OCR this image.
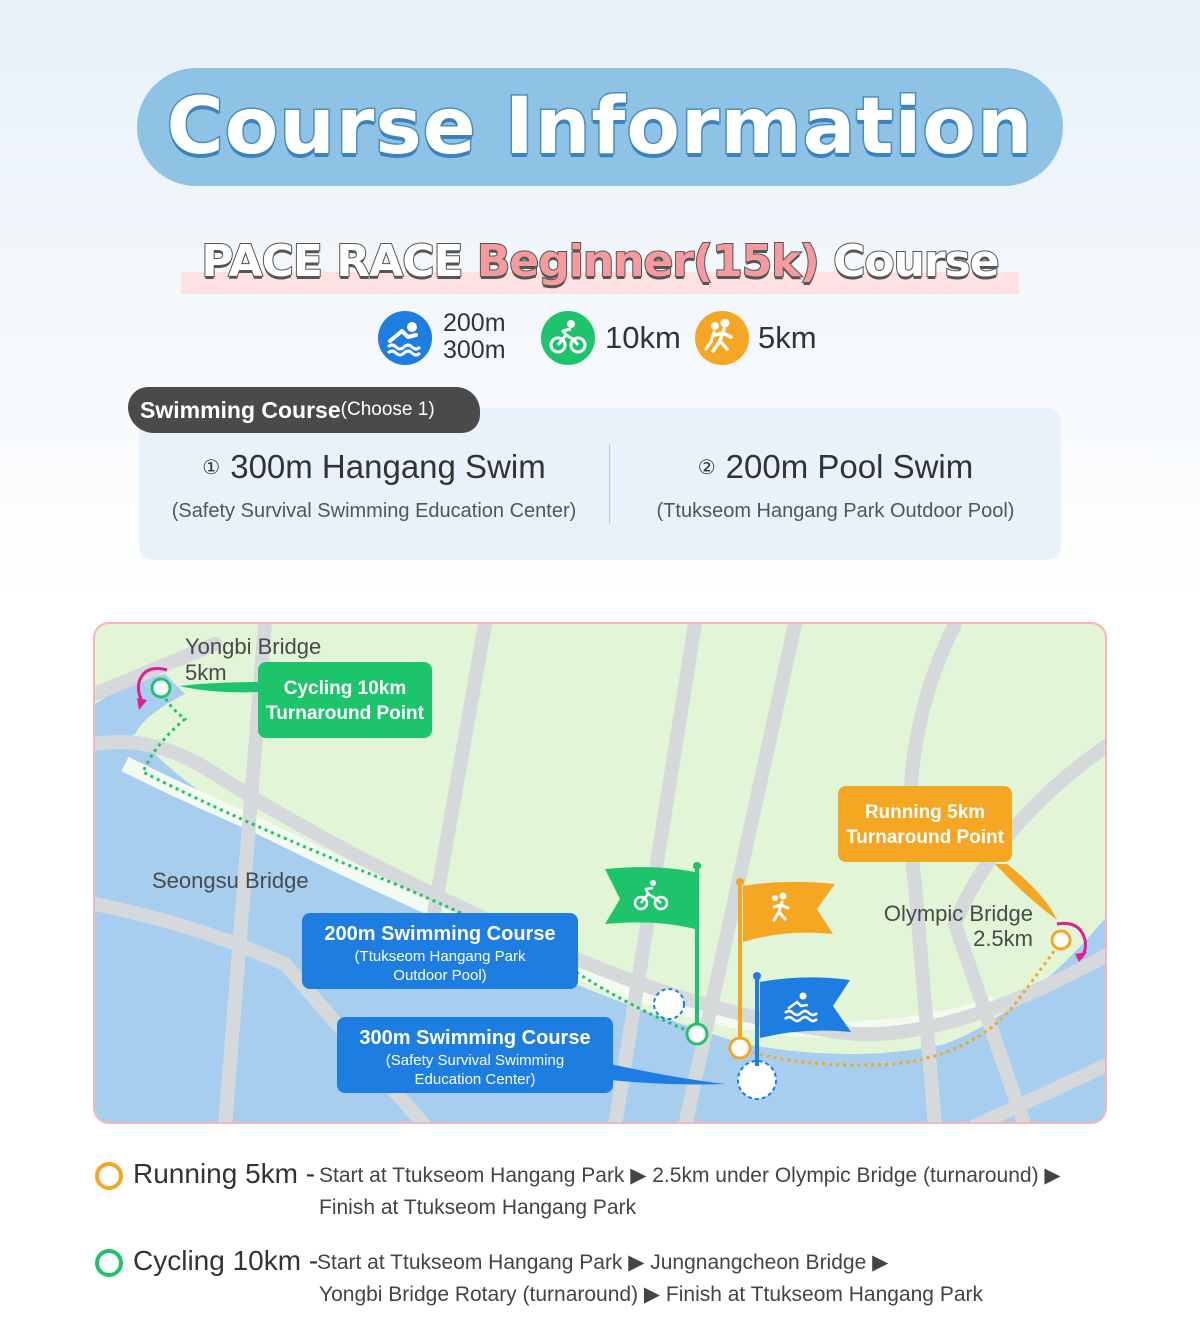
Course Information
PACE RACE Beginner(15k) Course
200m
300m	10km 5km
Swimming Course (Choose 1)
① 300m Hangang Swim
(Safety Survival Swimming Education Center)
② 200m Pool Swim
(Ttukseom Hangang Park Outdoor Pool)
Cycling 10km
Turnaround Point
Running 5km
Turnaround Point
200m Swimming Course
300m Swimming Course
(Ttukseom Hangang Park
Outdoor Pool)
(Safety Survival Swimming
Education Center)
Yongbi Bridge
5km
Seongsu Bridge
Olympic Bridge
2.5km
Running 5km - Start at Ttukseom Hangang Park ▶ 2.5km under Olympic Bridge (turnaround) ▶
Finish at Ttukseom Hangang Park
Cycling 10km -
Start at Ttukseom Hangang Park ▶ Jungnangcheon Bridge ▶
Yongbi Bridge Rotary (turnaround) ▶ Finish at Ttukseom Hangang Park
